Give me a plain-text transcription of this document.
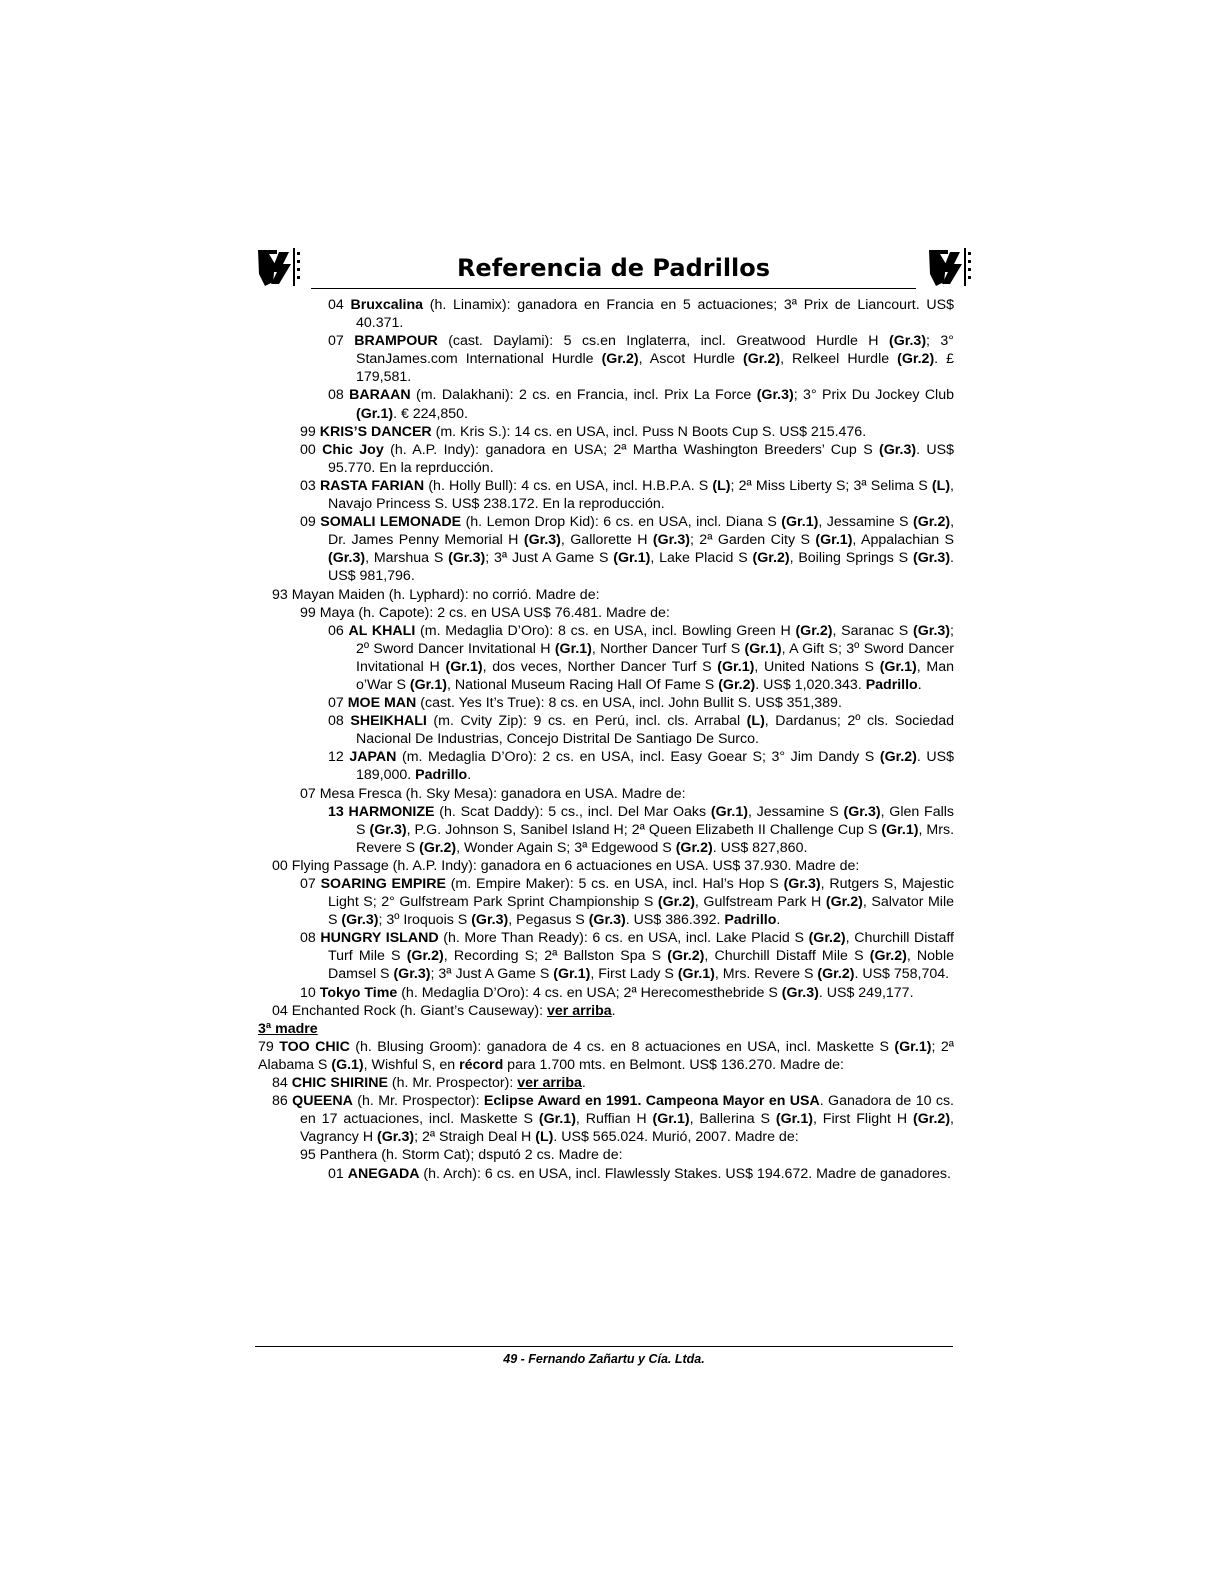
Referencia de Padrillos
04 Bruxcalina (h. Linamix): ganadora en Francia en 5 actuaciones; 3ª Prix de Liancourt. US$ 40.371.
07 BRAMPOUR (cast. Daylami): 5 cs.en Inglaterra, incl. Greatwood Hurdle H (Gr.3); 3° StanJames.com International Hurdle (Gr.2), Ascot Hurdle (Gr.2), Relkeel Hurdle (Gr.2). £ 179,581.
08 BARAAN (m. Dalakhani): 2 cs. en Francia, incl. Prix La Force (Gr.3); 3° Prix Du Jockey Club (Gr.1). € 224,850.
99 KRIS’S DANCER (m. Kris S.): 14 cs. en USA, incl. Puss N Boots Cup S. US$ 215.476.
00 Chic Joy (h. A.P. Indy): ganadora en USA; 2ª Martha Washington Breeders’ Cup S (Gr.3). US$ 95.770. En la reprducción.
03 RASTA FARIAN (h. Holly Bull): 4 cs. en USA, incl. H.B.P.A. S (L); 2ª Miss Liberty S; 3ª Selima S (L), Navajo Princess S. US$ 238.172. En la reproducción.
09 SOMALI LEMONADE (h. Lemon Drop Kid): 6 cs. en USA, incl. Diana S (Gr.1), Jessamine S (Gr.2), Dr. James Penny Memorial H (Gr.3), Gallorette H (Gr.3); 2ª Garden City S (Gr.1), Appalachian S (Gr.3), Marshua S (Gr.3); 3ª Just A Game S (Gr.1), Lake Placid S (Gr.2), Boiling Springs S (Gr.3). US$ 981,796.
93 Mayan Maiden (h. Lyphard): no corrió. Madre de:
99 Maya (h. Capote): 2 cs. en USA US$ 76.481. Madre de:
06 AL KHALI (m. Medaglia D’Oro): 8 cs. en USA, incl. Bowling Green H (Gr.2), Saranac S (Gr.3); 2º Sword Dancer Invitational H (Gr.1), Norther Dancer Turf S (Gr.1), A Gift S; 3º Sword Dancer Invitational H (Gr.1), dos veces, Norther Dancer Turf S (Gr.1), United Nations S (Gr.1), Man o’War S (Gr.1), National Museum Racing Hall Of Fame S (Gr.2). US$ 1,020.343. Padrillo.
07 MOE MAN (cast. Yes It’s True): 8 cs. en USA, incl. John Bullit S. US$ 351,389.
08 SHEIKHALI (m. Cvity Zip): 9 cs. en Perú, incl. cls. Arrabal (L), Dardanus; 2º cls. Sociedad Nacional De Industrias, Concejo Distrital De Santiago De Surco.
12 JAPAN (m. Medaglia D’Oro): 2 cs. en USA, incl. Easy Goear S; 3° Jim Dandy S (Gr.2). US$ 189,000. Padrillo.
07 Mesa Fresca (h. Sky Mesa): ganadora en USA. Madre de:
13 HARMONIZE (h. Scat Daddy): 5 cs., incl. Del Mar Oaks (Gr.1), Jessamine S (Gr.3), Glen Falls S (Gr.3), P.G. Johnson S, Sanibel Island H; 2ª Queen Elizabeth II Challenge Cup S (Gr.1), Mrs. Revere S (Gr.2), Wonder Again S; 3ª Edgewood S (Gr.2). US$ 827,860.
00 Flying Passage (h. A.P. Indy): ganadora en 6 actuaciones en USA. US$ 37.930. Madre de:
07 SOARING EMPIRE (m. Empire Maker): 5 cs. en USA, incl. Hal’s Hop S (Gr.3), Rutgers S, Majestic Light S; 2° Gulfstream Park Sprint Championship S (Gr.2), Gulfstream Park H (Gr.2), Salvator Mile S (Gr.3); 3º Iroquois S (Gr.3), Pegasus S (Gr.3). US$ 386.392. Padrillo.
08 HUNGRY ISLAND (h. More Than Ready): 6 cs. en USA, incl. Lake Placid S (Gr.2), Churchill Distaff Turf Mile S (Gr.2), Recording S; 2ª Ballston Spa S (Gr.2), Churchill Distaff Mile S (Gr.2), Noble Damsel S (Gr.3); 3ª Just A Game S (Gr.1), First Lady S (Gr.1), Mrs. Revere S (Gr.2). US$ 758,704.
10 Tokyo Time (h. Medaglia D’Oro): 4 cs. en USA; 2ª Herecomesthebride S (Gr.3). US$ 249,177.
04 Enchanted Rock (h. Giant’s Causeway): ver arriba.
3ª madre
79 TOO CHIC (h. Blusing Groom): ganadora de 4 cs. en 8 actuaciones en USA, incl. Maskette S (Gr.1); 2ª Alabama S (G.1), Wishful S, en récord para 1.700 mts. en Belmont. US$ 136.270. Madre de:
84 CHIC SHIRINE (h. Mr. Prospector): ver arriba.
86 QUEENA (h. Mr. Prospector): Eclipse Award en 1991. Campeona Mayor en USA. Ganadora de 10 cs. en 17 actuaciones, incl. Maskette S (Gr.1), Ruffian H (Gr.1), Ballerina S (Gr.1), First Flight H (Gr.2), Vagrancy H (Gr.3); 2ª Straigh Deal H (L). US$ 565.024. Murió, 2007. Madre de:
95 Panthera (h. Storm Cat); dsputó 2 cs. Madre de:
01 ANEGADA (h. Arch): 6 cs. en USA, incl. Flawlessly Stakes. US$ 194.672. Madre de ganadores.
49 - Fernando Zañartu y Cía. Ltda.
